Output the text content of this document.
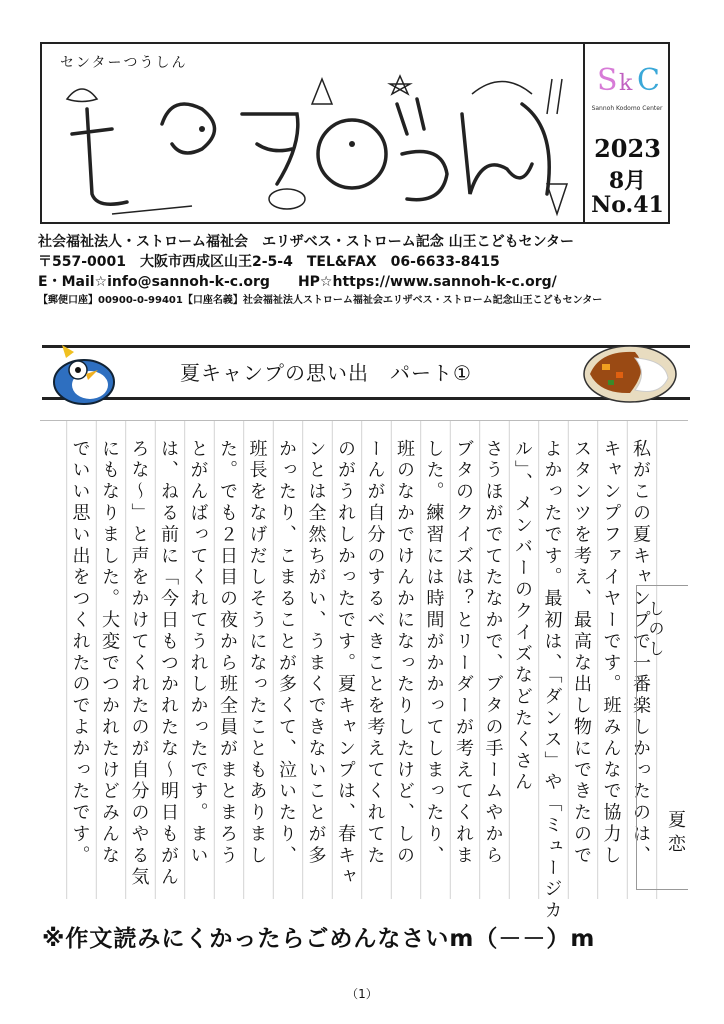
センターつうしん	S k C
Sannoh Kodomo Center
2023
8月
No.41
社会福祉法人・ストローム福祉会　エリザベス・ストローム記念 山王こどもセンター
〒557-0001　大阪市西成区山王2-5-4　TEL&FAX　06-6633-8415
E・Mail☆info@sannoh-k-c.org　　HP☆https://www.sannoh-k-c.org/
【郵便口座】00900-0-99401【口座名義】社会福祉法人ストローム福祉会エリザベス・ストローム記念山王こどもセンター
夏キャンプの思い出　パート①
私がこの夏キャンプで一番楽しかったのは、
キャンプファイヤーです。班みんなで協力し
スタンツを考え、最高な出し物にできたので
よかったです。最初は、「ダンス」や「ミュージカ
ル」、メンバーのクイズなどたくさん
さうほがでてたなかで、ブタの手ームやから
ブタのクイズは？とリーダーが考えてくれま
した。練習には時間がかかってしまったり、
班のなかでけんかになったりしたけど、しの
ーんが自分のするべきことを考えてくれてた
のがうれしかったです。夏キャンプは、春キャ
ンとは全然ちがい、うまくできないことが多
かったり、こまることが多くて、泣いたり、
班長をなげだしそうになったこともありまし
た。でも２日目の夜から班全員がまとまろう
とがんばってくれてうれしかったです。まい
は、ねる前に「今日もつかれたな～明日もがん
ろな～」と声をかけてくれたのが自分のやる気
にもなりました。大変でつかれたけどみんな
でいい思い出をつくれたのでよかったです。	しのし
夏恋
※作文読みにくかったらごめんなさいm（－－）m
（1）
